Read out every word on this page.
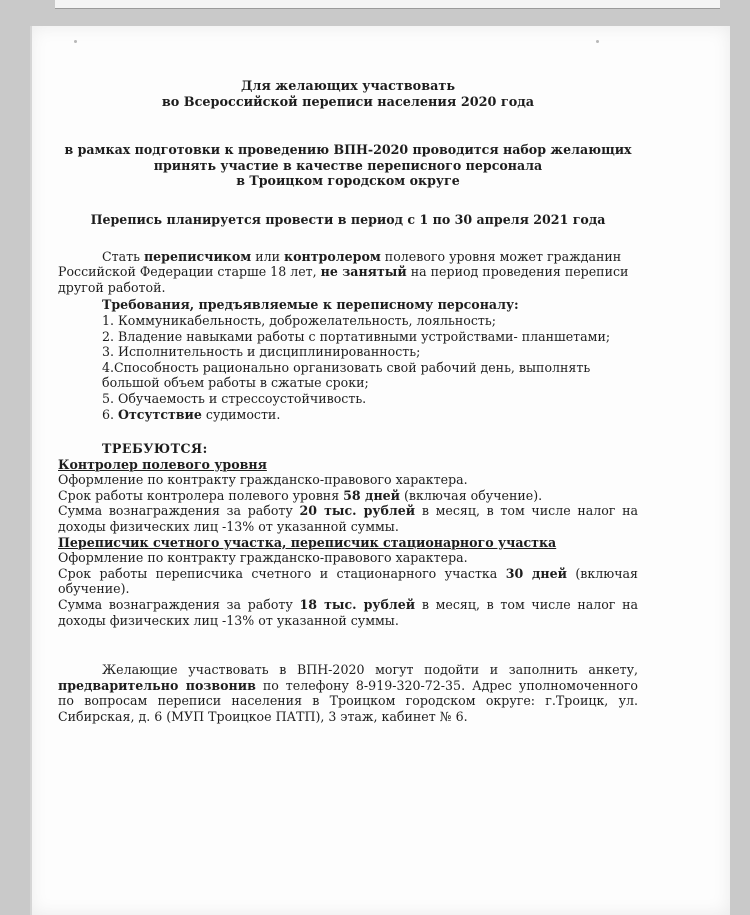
Для желающих участвовать

во Всероссийской переписи населения 2020 года

в рамках подготовки к проведению ВПН-2020 проводится набор желающих
принять участие в качестве переписного персонала
в Троицком городском округе
Перепись планируется провести в период с 1 по 30 апреля 2021 года
Стать переписчиком или контролером полевого уровня может гражданин Российской Федерации старше 18 лет, не занятый на период проведения переписи другой работой.
Требования, предъявляемые к переписному персоналу:
1. Коммуникабельность, доброжелательность, лояльность;
2. Владение навыками работы с портативными устройствами- планшетами;
3. Исполнительность и дисциплинированность;
4.Способность рационально организовать свой рабочий день, выполнять большой объем работы в сжатые сроки;
5. Обучаемость и стрессоустойчивость.
6. Отсутствие судимости.
ТРЕБУЮТСЯ:
Контролер полевого уровня
Оформление по контракту гражданско-правового характера.
Срок работы контролера полевого уровня 58 дней (включая обучение).
Сумма вознаграждения за работу 20 тыс. рублей в месяц, в том числе налог на доходы физических лиц -13% от указанной суммы.
Переписчик счетного участка, переписчик стационарного участка
Оформление по контракту гражданско-правового характера.
Срок работы переписчика счетного и стационарного участка 30 дней (включая обучение).
Сумма вознаграждения за работу 18 тыс. рублей в месяц, в том числе налог на доходы физических лиц -13% от указанной суммы.
Желающие участвовать в ВПН-2020 могут подойти и заполнить анкету, предварительно позвонив по телефону 8-919-320-72-35. Адрес уполномоченного по вопросам переписи населения в Троицком городском округе: г.Троицк, ул. Сибирская, д. 6 (МУП Троицкое ПАТП), 3 этаж, кабинет № 6.
